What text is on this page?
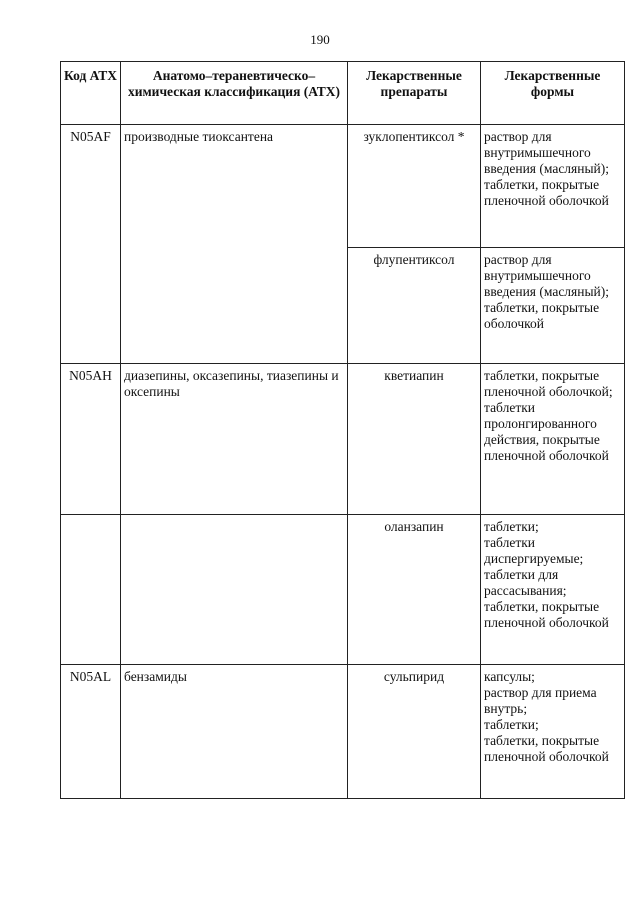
190
Код АТХ	Анатомо–тераневтическо–химическая классификация (АТХ)	Лекарственные препараты	Лекарственные формы
N05AF	производные тиоксантена	зуклопентиксол *	раствор для внутримышечного введения (масляный);
таблетки, покрытые пленочной оболочкой

		флупентиксол	раствор для внутримышечного введения (масляный);
таблетки, покрытые оболочкой

N05AH	диазепины, оксазепины, тиазепины и оксепины	кветиапин	таблетки, покрытые пленочной оболочкой;
таблетки пролонгированного действия, покрытые пленочной оболочкой

		оланзапин	таблетки;
таблетки диспергируемые;
таблетки для рассасывания;
таблетки, покрытые пленочной оболочкой

N05AL	бензамиды	сульпирид	капсулы;
раствор для приема внутрь;
таблетки;
таблетки, покрытые пленочной оболочкой
